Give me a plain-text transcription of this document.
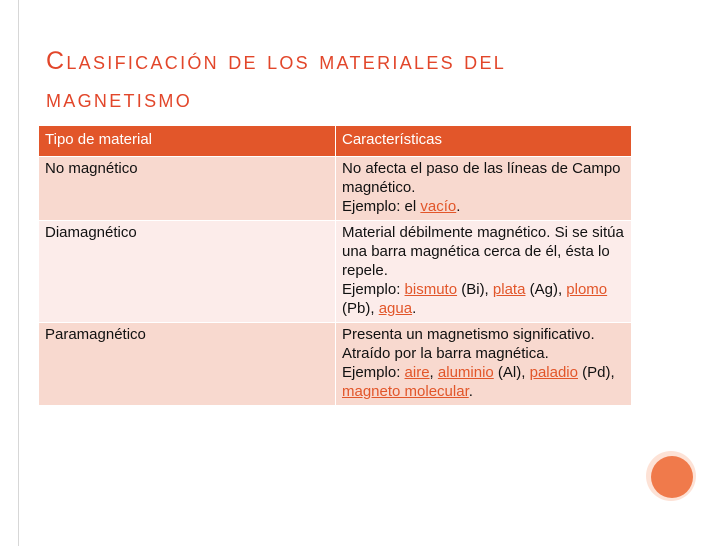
Clasificación de los materiales del magnetismo
Tipo de material	Características
No magnético	No afecta el paso de las líneas de Campo magnético.
Ejemplo: el vacío.
Diamagnético	Material débilmente magnético. Si se sitúa una barra magnética cerca de él, ésta lo repele.
Ejemplo: bismuto (Bi), plata (Ag), plomo (Pb), agua.
Paramagnético	Presenta un magnetismo significativo. Atraído por la barra magnética.
Ejemplo: aire, aluminio (Al), paladio (Pd), magneto molecular.
